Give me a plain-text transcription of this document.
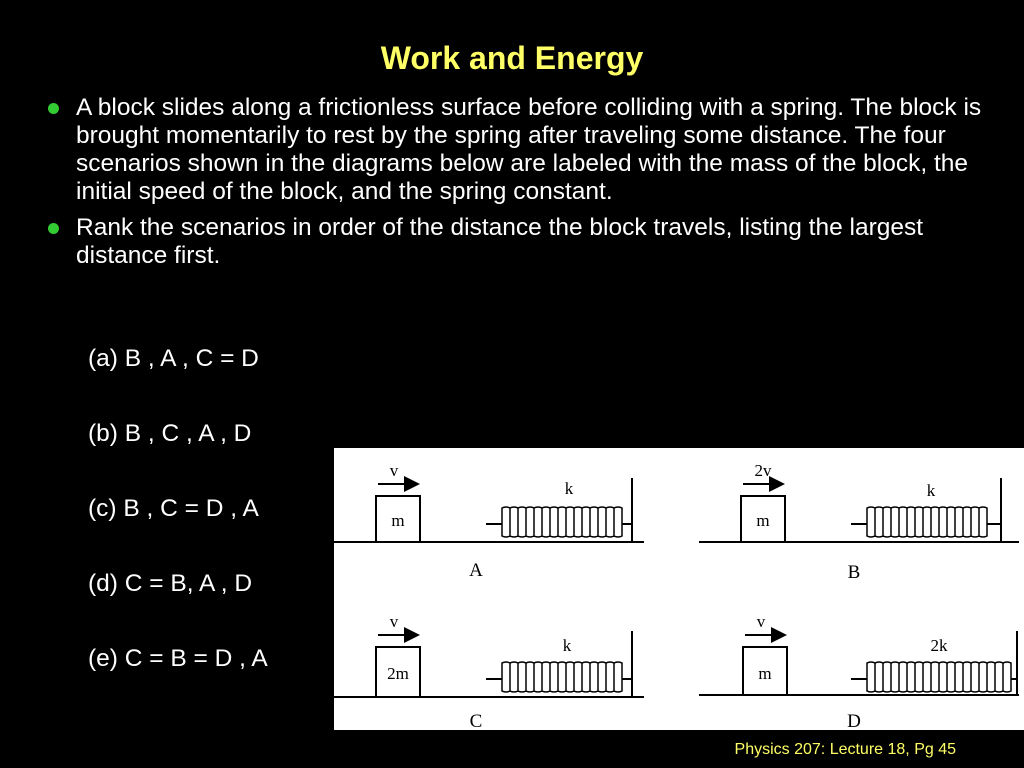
Work and Energy
A block slides along a frictionless surface before colliding with a spring. The block is brought momentarily to rest by the spring after traveling some distance. The four scenarios shown in the diagrams below are labeled with the mass of the block, the initial speed of the block, and the spring constant.
Rank the scenarios in order of the distance the block travels, listing the largest distance first.
(a) B , A , C = D
(b) B , C , A , D
(c) B , C = D , A
(d) C = B, A , D
(e) C = B = D , A
m
v
k
A
m
2v
k
B
2m
v
k
C
m
v
2k
D
Physics 207: Lecture 18, Pg 45
